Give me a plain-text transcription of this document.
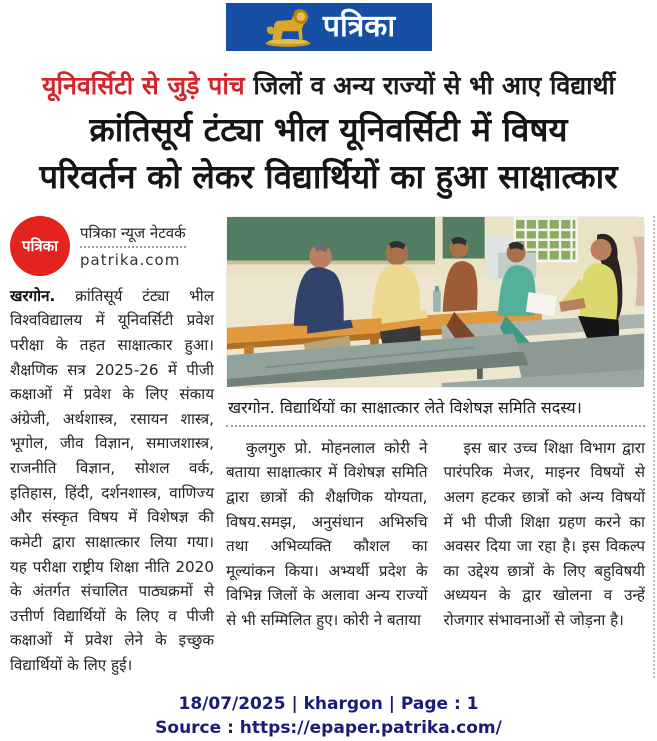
पत्रिका
यूनिवर्सिटी से जुड़े पांच जिलों व अन्य राज्यों से भी आए विद्यार्थी
क्रांतिसूर्य टंट्या भील यूनिवर्सिटी में विषय
परिवर्तन को लेकर विद्यार्थियों का हुआ साक्षात्कार
पत्रिका
पत्रिका न्यूज नेटवर्क
patrika.com
खरगोन. क्रांतिसूर्य टंट्या भील विश्वविद्यालय में यूनिवर्सिटी प्रवेश परीक्षा के तहत साक्षात्कार हुआ। शैक्षणिक सत्र 2025-26 में पीजी कक्षाओं में प्रवेश के लिए संकाय अंग्रेजी, अर्थशास्त्र, रसायन शास्त्र, भूगोल, जीव विज्ञान, समाजशास्त्र, राजनीति विज्ञान, सोशल वर्क, इतिहास, हिंदी, दर्शनशास्त्र, वाणिज्य और संस्कृत विषय में विशेषज्ञ की कमेटी द्वारा साक्षात्कार लिया गया। यह परीक्षा राष्ट्रीय शिक्षा नीति 2020 के अंतर्गत संचालित पाठ्यक्रमों से उत्तीर्ण विद्यार्थियों के लिए व पीजी कक्षाओं में प्रवेश लेने के इच्छुक विद्यार्थियों के लिए हुई।
खरगोन. विद्यार्थियों का साक्षात्कार लेते विशेषज्ञ समिति सदस्य।
कुलगुरु प्रो. मोहनलाल कोरी ने बताया साक्षात्कार में विशेषज्ञ समिति द्वारा छात्रों की शैक्षणिक योग्यता, विषय.समझ, अनुसंधान अभिरुचि तथा अभिव्यक्ति कौशल का मूल्यांकन किया। अभ्यर्थी प्रदेश के विभिन्न जिलों के अलावा अन्य राज्यों से भी सम्मिलित हुए। कोरी ने बताया
इस बार उच्च शिक्षा विभाग द्वारा पारंपरिक मेजर, माइनर विषयों से अलग हटकर छात्रों को अन्य विषयों में भी पीजी शिक्षा ग्रहण करने का अवसर दिया जा रहा है। इस विकल्प का उद्देश्य छात्रों के लिए बहुविषयी अध्ययन के द्वार खोलना व उन्हें रोजगार संभावनाओं से जोड़ना है।
18/07/2025 | khargon | Page : 1
Source : https://epaper.patrika.com/
